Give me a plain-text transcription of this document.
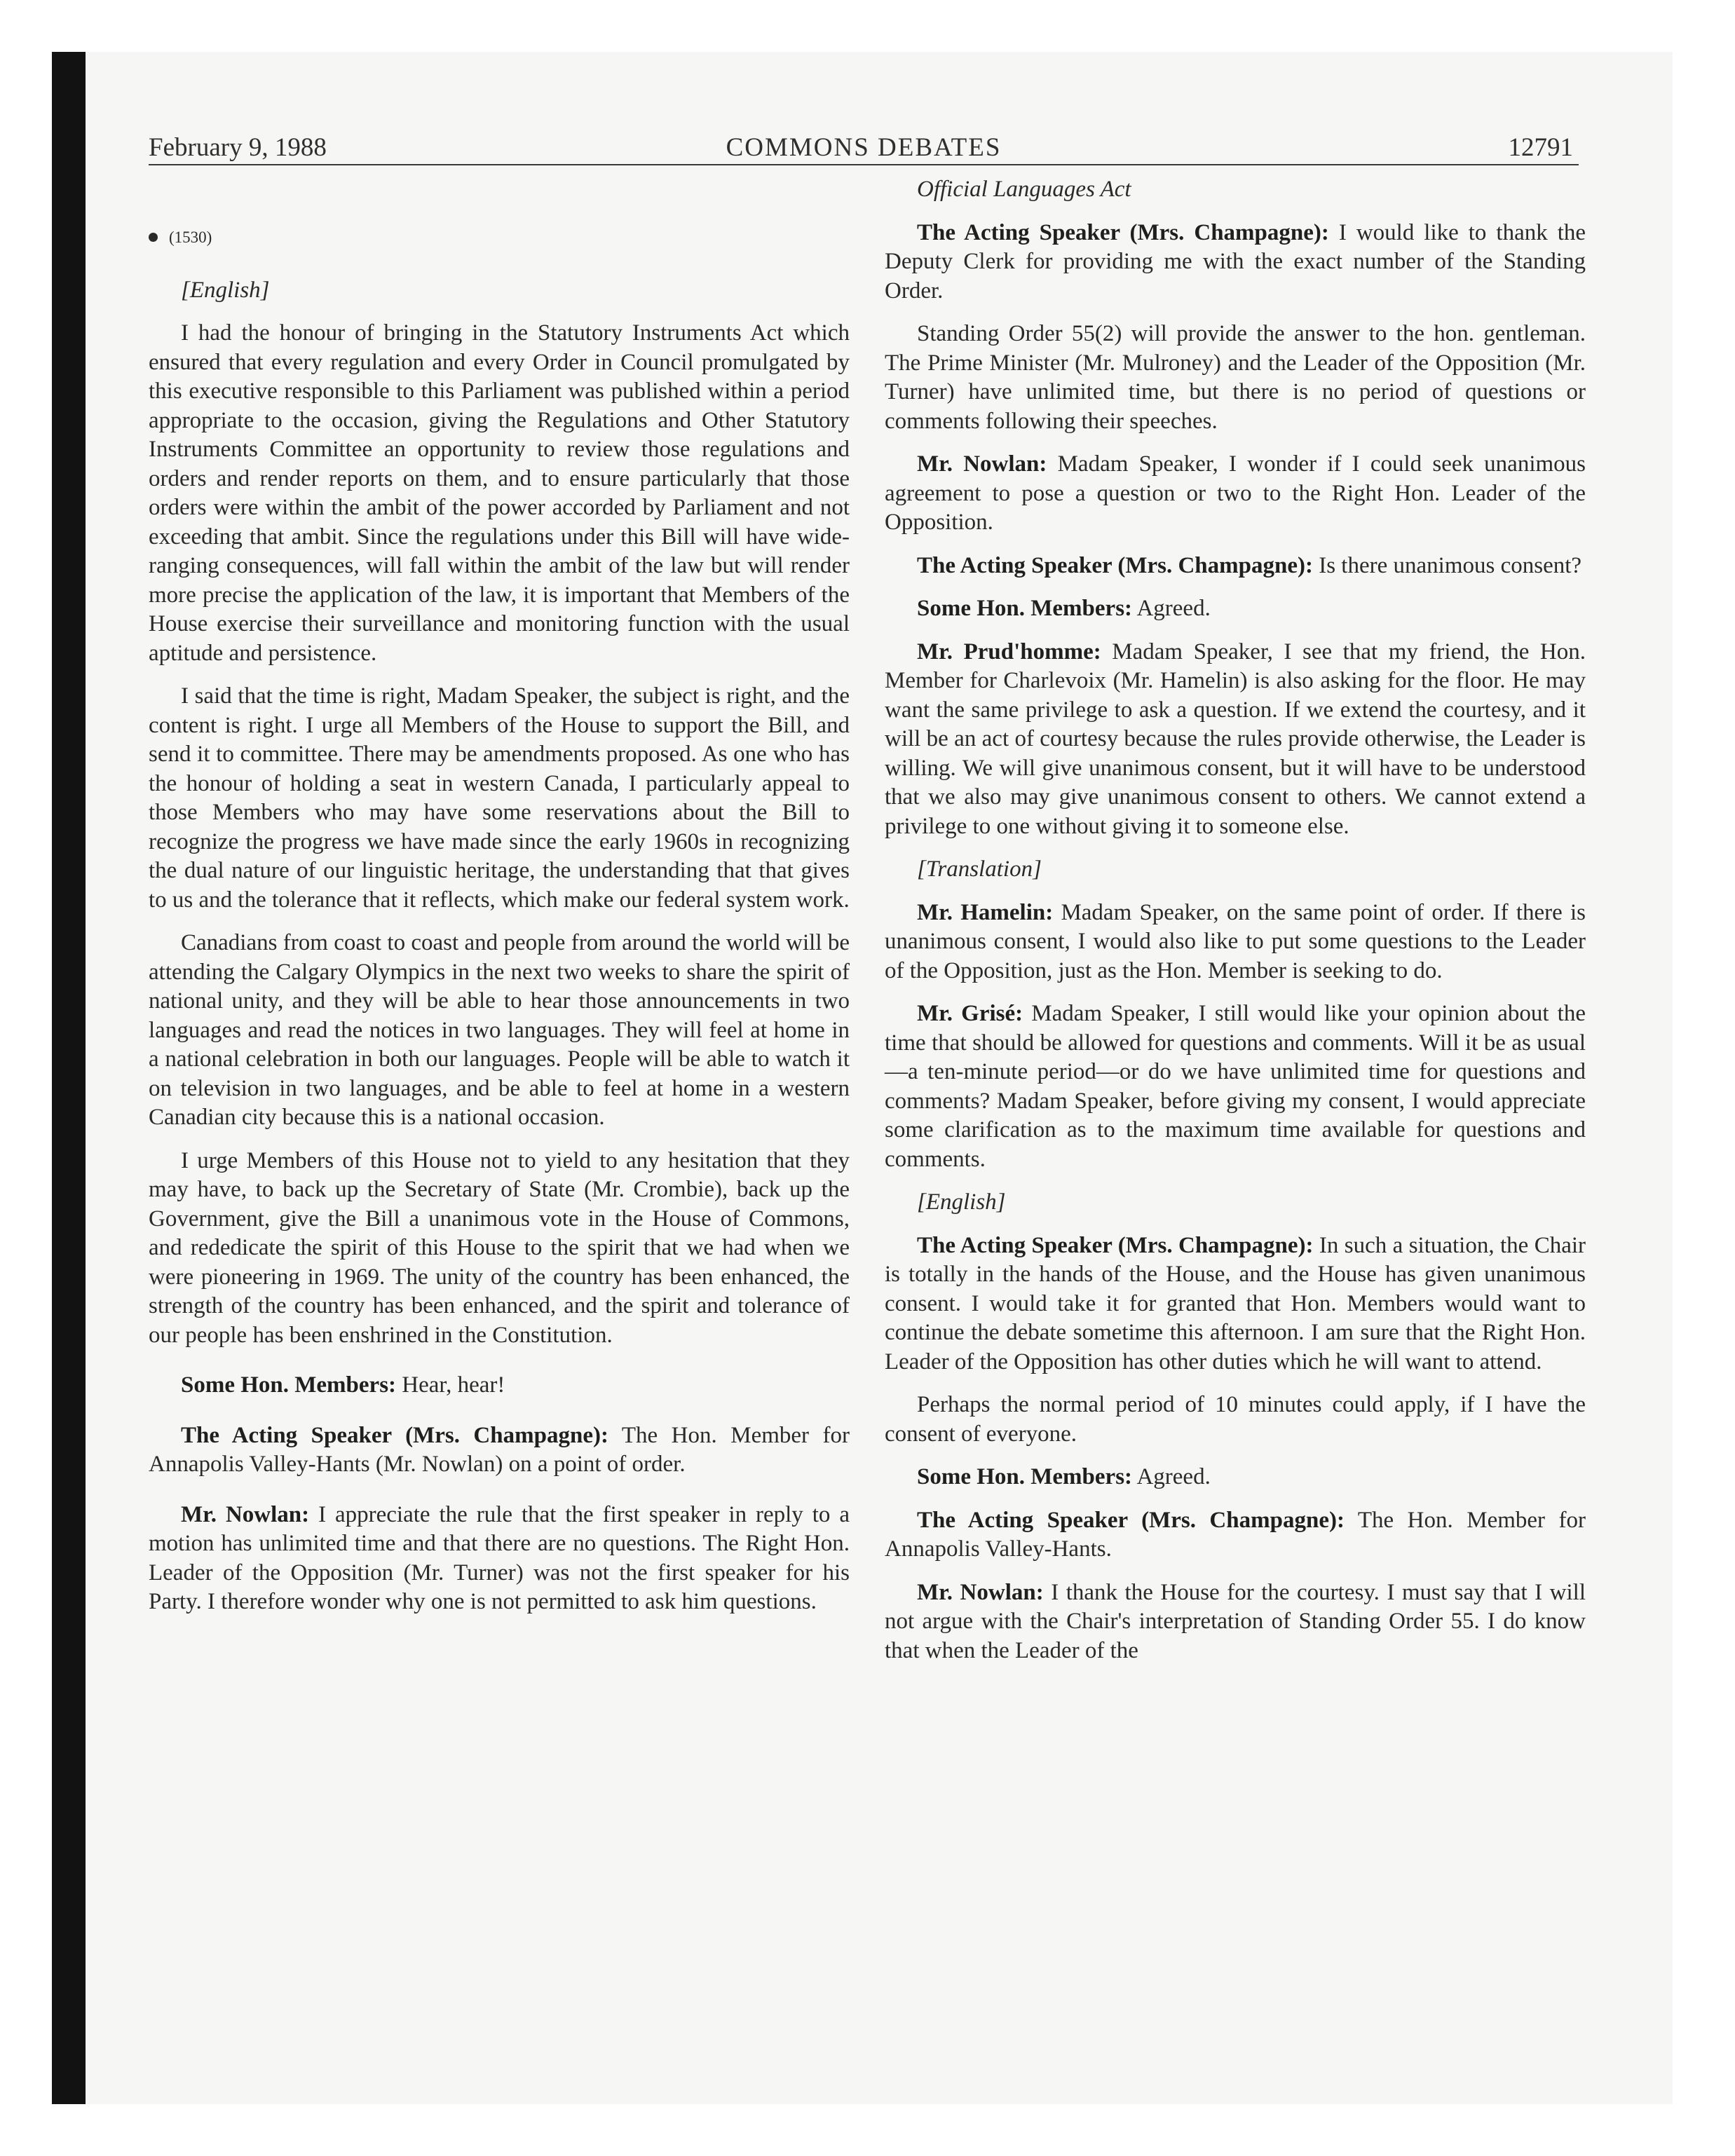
February 9, 1988	COMMONS DEBATES	12791
(1530)

[English]

I had the honour of bringing in the Statutory Instruments Act which ensured that every regulation and every Order in Council promulgated by this executive responsible to this Parliament was published within a period appropriate to the occasion, giving the Regulations and Other Statutory Instruments Committee an opportunity to review those regulations and orders and render reports on them, and to ensure particularly that those orders were within the ambit of the power accorded by Parliament and not exceeding that ambit. Since the regulations under this Bill will have wide-ranging consequences, will fall within the ambit of the law but will render more precise the application of the law, it is important that Members of the House exercise their surveillance and monitoring function with the usual aptitude and persistence.

I said that the time is right, Madam Speaker, the subject is right, and the content is right. I urge all Members of the House to support the Bill, and send it to committee. There may be amendments proposed. As one who has the honour of holding a seat in western Canada, I particularly appeal to those Members who may have some reservations about the Bill to recognize the progress we have made since the early 1960s in recognizing the dual nature of our linguistic heritage, the understanding that that gives to us and the tolerance that it reflects, which make our federal system work.

Canadians from coast to coast and people from around the world will be attending the Calgary Olympics in the next two weeks to share the spirit of national unity, and they will be able to hear those announcements in two languages and read the notices in two languages. They will feel at home in a national celebration in both our languages. People will be able to watch it on television in two languages, and be able to feel at home in a western Canadian city because this is a national occasion.

I urge Members of this House not to yield to any hesitation that they may have, to back up the Secretary of State (Mr. Crombie), back up the Government, give the Bill a unanimous vote in the House of Commons, and rededicate the spirit of this House to the spirit that we had when we were pioneering in 1969. The unity of the country has been enhanced, the strength of the country has been enhanced, and the spirit and tolerance of our people has been enshrined in the Constitution.

Some Hon. Members: Hear, hear!

The Acting Speaker (Mrs. Champagne): The Hon. Member for Annapolis Valley-Hants (Mr. Nowlan) on a point of order.

Mr. Nowlan: I appreciate the rule that the first speaker in reply to a motion has unlimited time and that there are no questions. The Right Hon. Leader of the Opposition (Mr. Turner) was not the first speaker for his Party. I therefore wonder why one is not permitted to ask him questions.

Official Languages Act

The Acting Speaker (Mrs. Champagne): I would like to thank the Deputy Clerk for providing me with the exact number of the Standing Order.

Standing Order 55(2) will provide the answer to the hon. gentleman. The Prime Minister (Mr. Mulroney) and the Leader of the Opposition (Mr. Turner) have unlimited time, but there is no period of questions or comments following their speeches.

Mr. Nowlan: Madam Speaker, I wonder if I could seek unanimous agreement to pose a question or two to the Right Hon. Leader of the Opposition.

The Acting Speaker (Mrs. Champagne): Is there unanimous consent?

Some Hon. Members: Agreed.

Mr. Prud'homme: Madam Speaker, I see that my friend, the Hon. Member for Charlevoix (Mr. Hamelin) is also asking for the floor. He may want the same privilege to ask a question. If we extend the courtesy, and it will be an act of courtesy because the rules provide otherwise, the Leader is willing. We will give unanimous consent, but it will have to be understood that we also may give unanimous consent to others. We cannot extend a privilege to one without giving it to someone else.

[Translation]

Mr. Hamelin: Madam Speaker, on the same point of order. If there is unanimous consent, I would also like to put some questions to the Leader of the Opposition, just as the Hon. Member is seeking to do.

Mr. Grisé: Madam Speaker, I still would like your opinion about the time that should be allowed for questions and comments. Will it be as usual—a ten-minute period—or do we have unlimited time for questions and comments? Madam Speaker, before giving my consent, I would appreciate some clarification as to the maximum time available for questions and comments.

[English]

The Acting Speaker (Mrs. Champagne): In such a situation, the Chair is totally in the hands of the House, and the House has given unanimous consent. I would take it for granted that Hon. Members would want to continue the debate sometime this afternoon. I am sure that the Right Hon. Leader of the Opposition has other duties which he will want to attend.

Perhaps the normal period of 10 minutes could apply, if I have the consent of everyone.

Some Hon. Members: Agreed.

The Acting Speaker (Mrs. Champagne): The Hon. Member for Annapolis Valley-Hants.

Mr. Nowlan: I thank the House for the courtesy. I must say that I will not argue with the Chair's interpretation of Standing Order 55. I do know that when the Leader of the
